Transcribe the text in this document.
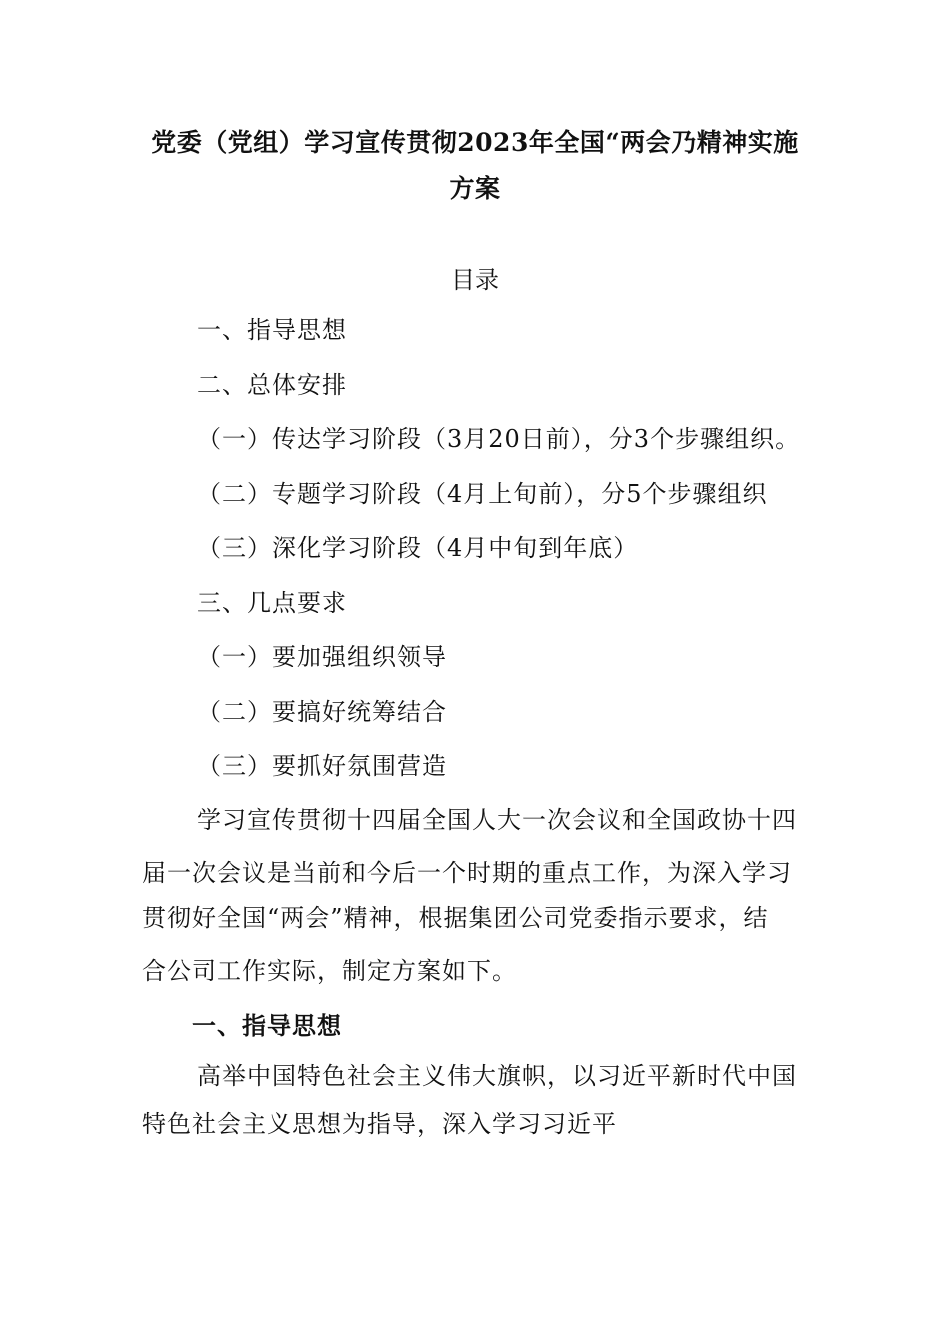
党委（党组）学习宣传贯彻2023年全国“两会乃精神实施
方案
目录
一、指导思想
二、总体安排
（一）传达学习阶段（3月20日前），分3个步骤组织。
（二）专题学习阶段（4月上旬前），分5个步骤组织
（三）深化学习阶段（4月中旬到年底）
三、几点要求
（一）要加强组织领导
（二）要搞好统筹结合
（三）要抓好氛围营造
学习宣传贯彻十四届全国人大一次会议和全国政协十四
届一次会议是当前和今后一个时期的重点工作，为深入学习
贯彻好全国“两会”精神，根据集团公司党委指示要求，结
合公司工作实际，制定方案如下。
一、指导思想
高举中国特色社会主义伟大旗帜，以习近平新时代中国
特色社会主义思想为指导，深入学习习近平
